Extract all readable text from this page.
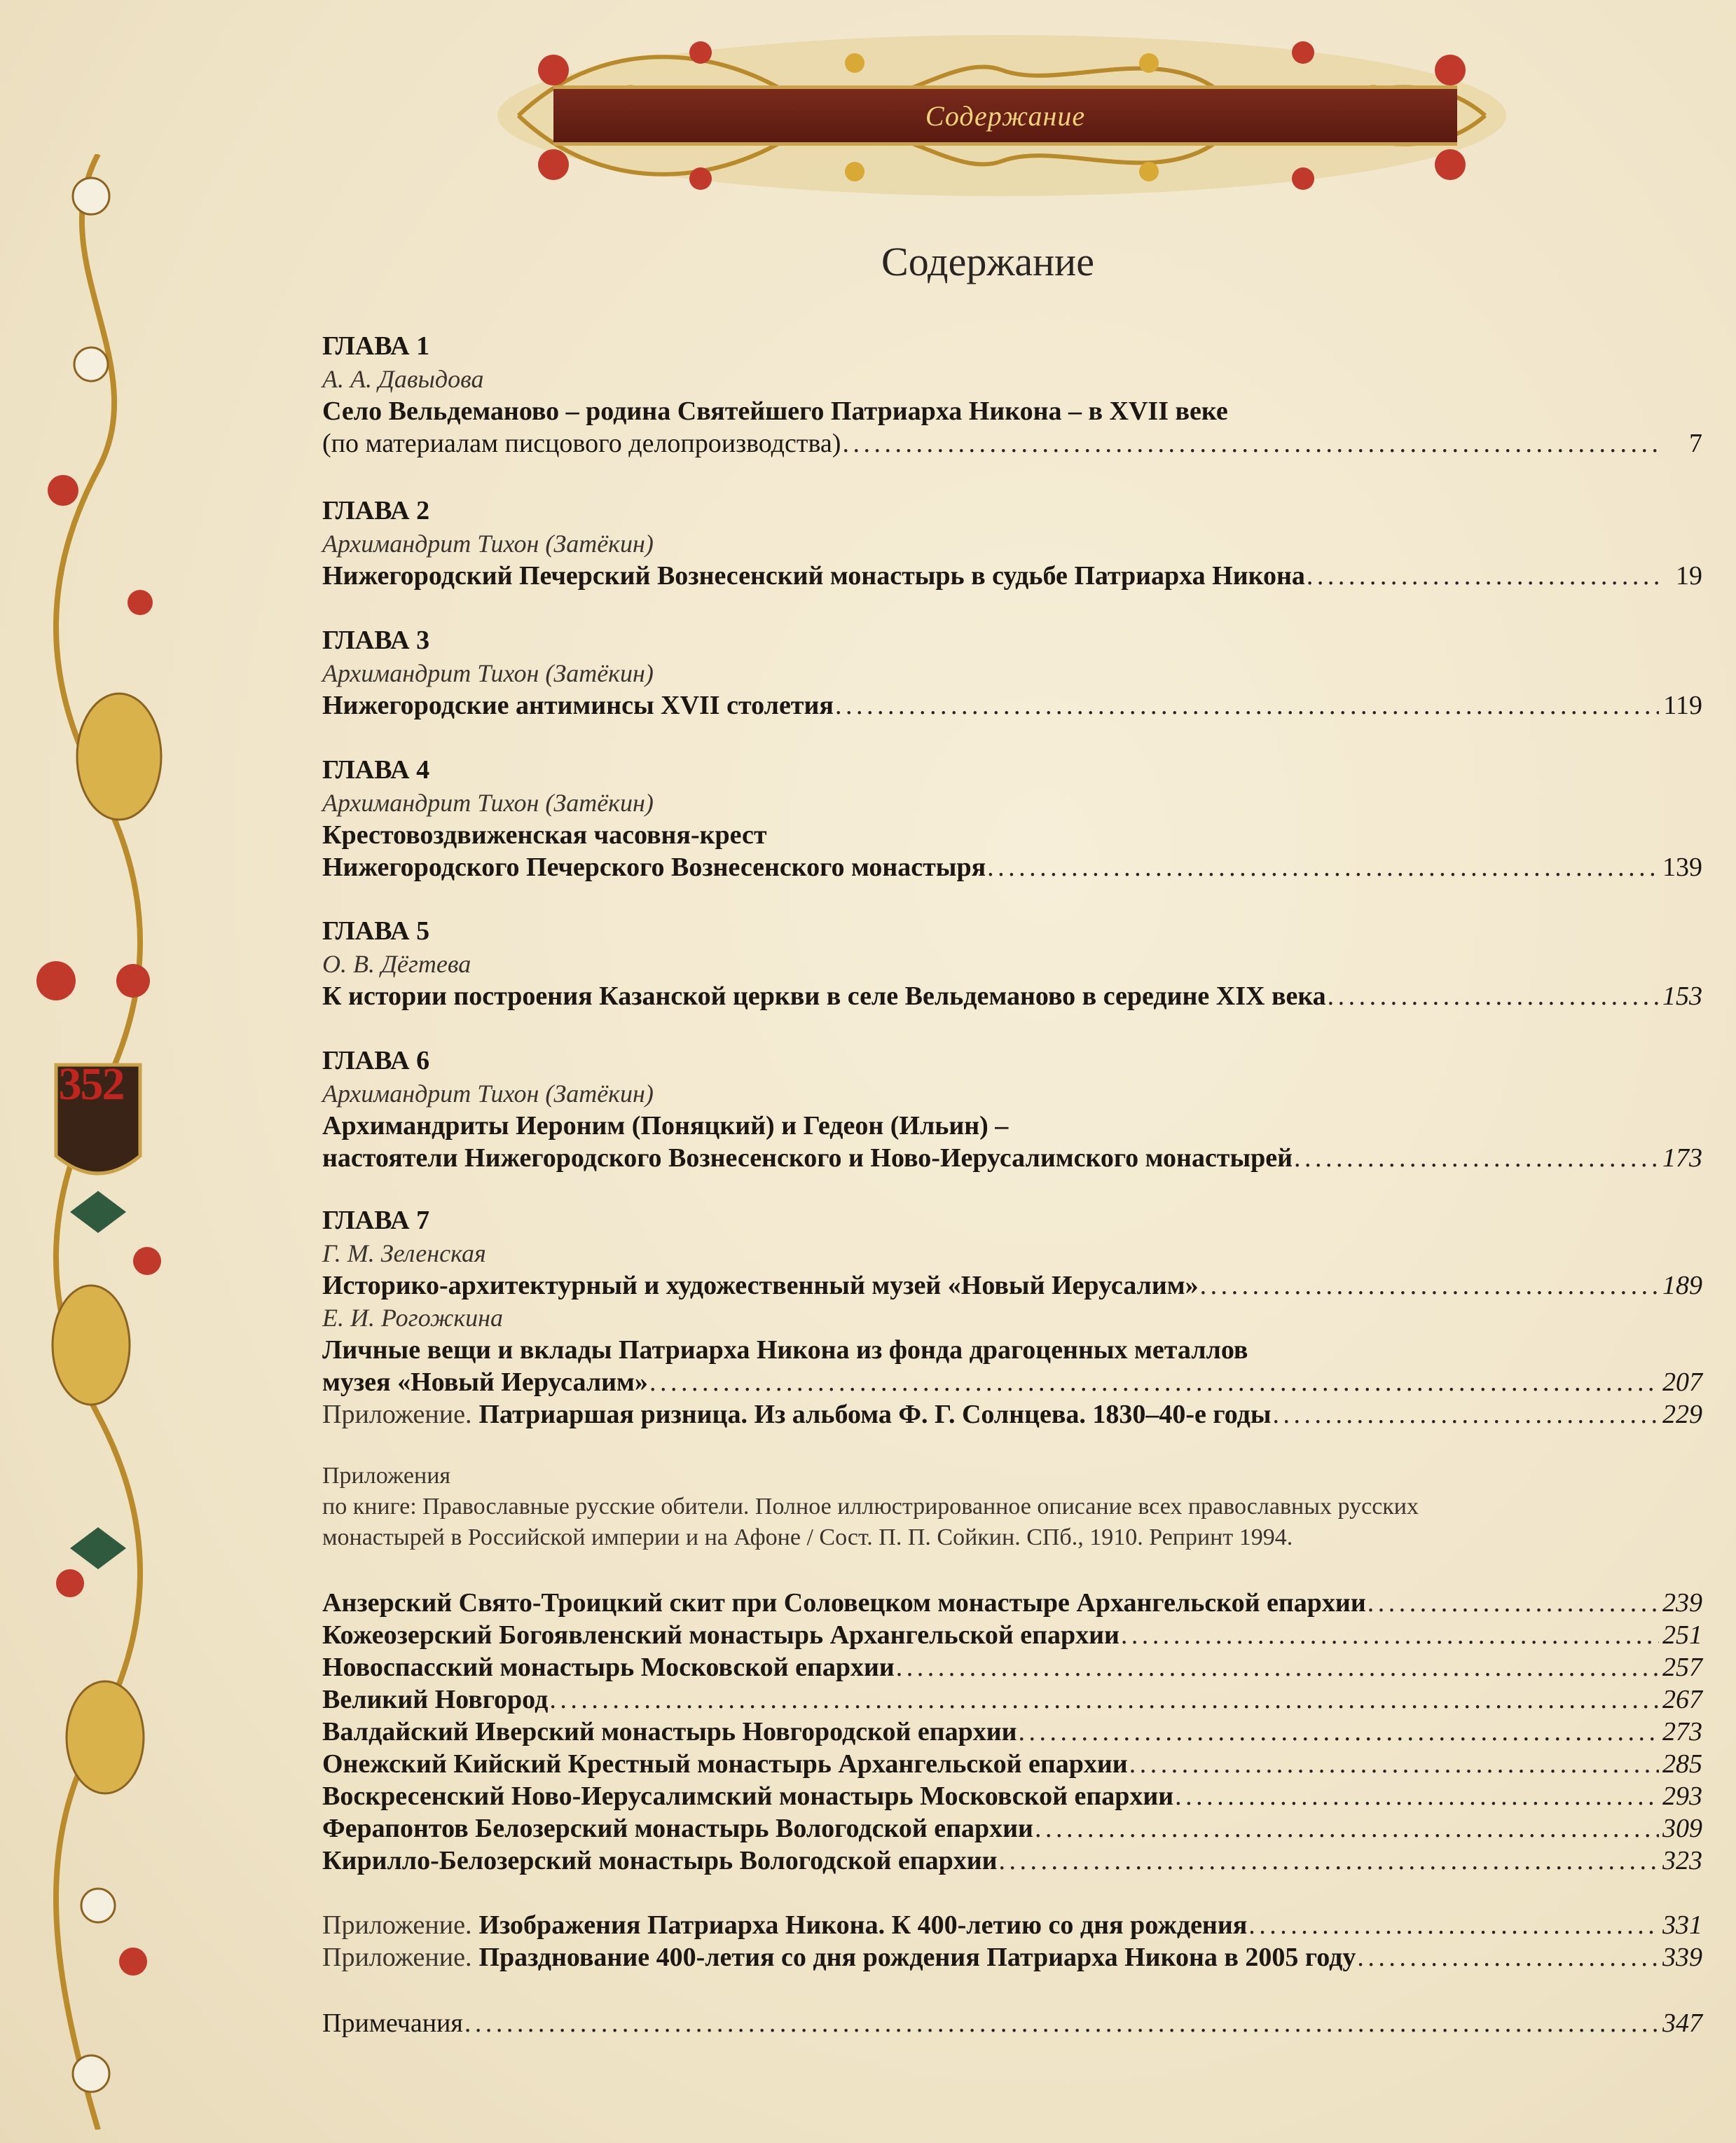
Содержание
352
Содержание
ГЛАВА 1
А. А. Давыдова
Село Вельдеманово – родина Святейшего Патриарха Никона – в XVII веке
(по материалам писцового делопроизводства) . . .	7
ГЛАВА 2
Архимандрит Тихон (Затёкин)
Нижегородский Печерский Вознесенский монастырь в судьбе Патриарха Никона . . .	19
ГЛАВА 3
Архимандрит Тихон (Затёкин)
Нижегородские антиминсы XVII столетия . . .	119
ГЛАВА 4
Архимандрит Тихон (Затёкин)
Крестовоздвиженская часовня-крест
Нижегородского Печерского Вознесенского монастыря . . .	139
ГЛАВА 5
О. В. Дёгтева
К истории построения Казанской церкви в селе Вельдеманово в середине XIX века . . .	153
ГЛАВА 6
Архимандрит Тихон (Затёкин)
Архимандриты Иероним (Поняцкий) и Гедеон (Ильин) –
настоятели Нижегородского Вознесенского и Ново-Иерусалимского монастырей . . .	173
ГЛАВА 7
Г. М. Зеленская
Историко-архитектурный и художественный музей «Новый Иерусалим» . . .	189
Е. И. Рогожкина
Личные вещи и вклады Патриарха Никона из фонда драгоценных металлов
музея «Новый Иерусалим» . . .	207
Приложение. Патриаршая ризница. Из альбома Ф. Г. Солнцева. 1830–40-е годы . . .	229
Приложения
по книге: Православные русские обители. Полное иллюстрированное описание всех православных русских
монастырей в Российской империи и на Афоне / Сост. П. П. Сойкин. СПб., 1910. Репринт 1994.
Анзерский Свято-Троицкий скит при Соловецком монастыре Архангельской епархии . . .	239
Кожеозерский Богоявленский монастырь Архангельской епархии . . .	251
Новоспасский монастырь Московской епархии . . .	257
Великий Новгород . . .	267
Валдайский Иверский монастырь Новгородской епархии . . .	273
Онежский Кийский Крестный монастырь Архангельской епархии . . .	285
Воскресенский Ново-Иерусалимский монастырь Московской епархии . . .	293
Ферапонтов Белозерский монастырь Вологодской епархии . . .	309
Кирилло-Белозерский монастырь Вологодской епархии . . .	323
Приложение. Изображения Патриарха Никона. К 400-летию со дня рождения . . .	331
Приложение. Празднование 400-летия со дня рождения Патриарха Никона в 2005 году . . .	339
Примечания . . .	347
